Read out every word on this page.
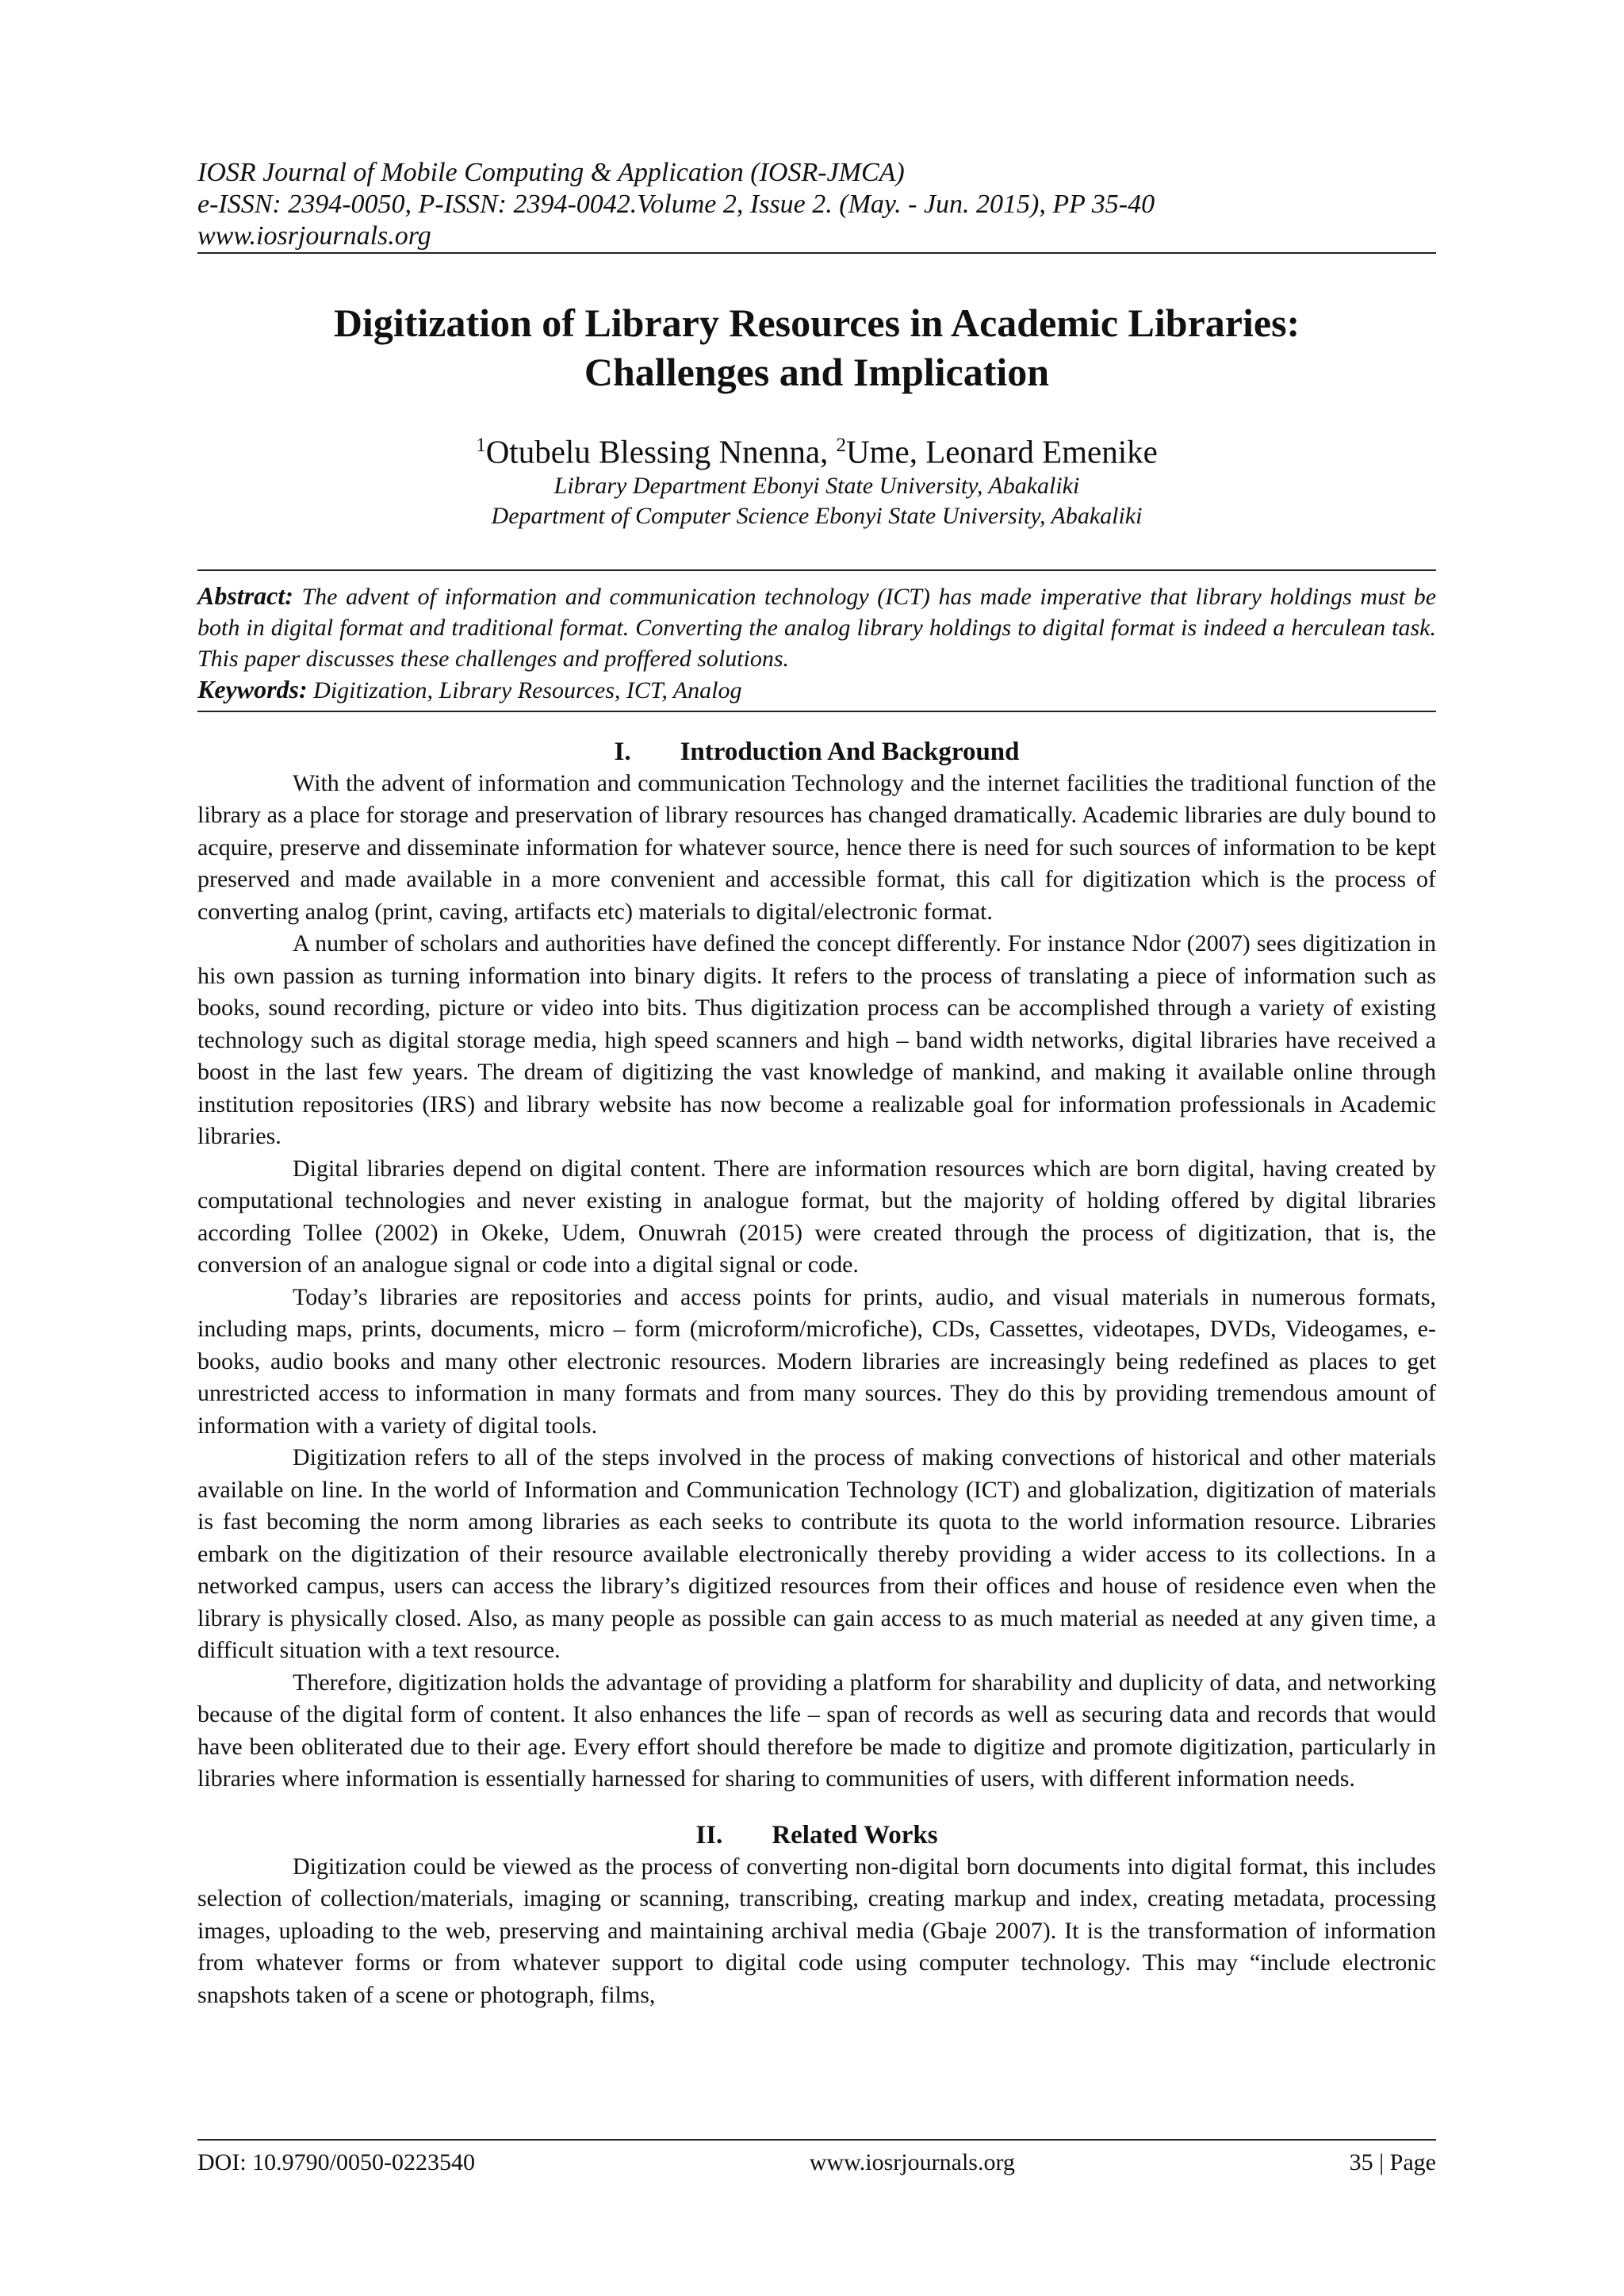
IOSR Journal of Mobile Computing & Application (IOSR-JMCA)
e-ISSN: 2394-0050, P-ISSN: 2394-0042.Volume 2, Issue 2. (May. - Jun. 2015), PP 35-40
www.iosrjournals.org
Digitization of Library Resources in Academic Libraries:
Challenges and Implication
$^1$Otubelu Blessing Nnenna, $^2$Ume, Leonard Emenike
Library Department Ebonyi State University, Abakaliki
Department of Computer Science Ebonyi State University, Abakaliki
Abstract: The advent of information and communication technology (ICT) has made imperative that library holdings must be both in digital format and traditional format. Converting the analog library holdings to digital format is indeed a herculean task. This paper discusses these challenges and proffered solutions.
Keywords: Digitization, Library Resources, ICT, Analog
I. Introduction And Background

With the advent of information and communication Technology and the internet facilities the traditional function of the library as a place for storage and preservation of library resources has changed dramatically. Academic libraries are duly bound to acquire, preserve and disseminate information for whatever source, hence there is need for such sources of information to be kept preserved and made available in a more convenient and accessible format, this call for digitization which is the process of converting analog (print, caving, artifacts etc) materials to digital/electronic format.

A number of scholars and authorities have defined the concept differently. For instance Ndor (2007) sees digitization in his own passion as turning information into binary digits. It refers to the process of translating a piece of information such as books, sound recording, picture or video into bits. Thus digitization process can be accomplished through a variety of existing technology such as digital storage media, high speed scanners and high – band width networks, digital libraries have received a boost in the last few years. The dream of digitizing the vast knowledge of mankind, and making it available online through institution repositories (IRS) and library website has now become a realizable goal for information professionals in Academic libraries.

Digital libraries depend on digital content. There are information resources which are born digital, having created by computational technologies and never existing in analogue format, but the majority of holding offered by digital libraries according Tollee (2002) in Okeke, Udem, Onuwrah (2015) were created through the process of digitization, that is, the conversion of an analogue signal or code into a digital signal or code.

Today’s libraries are repositories and access points for prints, audio, and visual materials in numerous formats, including maps, prints, documents, micro – form (microform/microfiche), CDs, Cassettes, videotapes, DVDs, Videogames, e-books, audio books and many other electronic resources. Modern libraries are increasingly being redefined as places to get unrestricted access to information in many formats and from many sources. They do this by providing tremendous amount of information with a variety of digital tools.

Digitization refers to all of the steps involved in the process of making convections of historical and other materials available on line. In the world of Information and Communication Technology (ICT) and globalization, digitization of materials is fast becoming the norm among libraries as each seeks to contribute its quota to the world information resource. Libraries embark on the digitization of their resource available electronically thereby providing a wider access to its collections. In a networked campus, users can access the library’s digitized resources from their offices and house of residence even when the library is physically closed. Also, as many people as possible can gain access to as much material as needed at any given time, a difficult situation with a text resource.

Therefore, digitization holds the advantage of providing a platform for sharability and duplicity of data, and networking because of the digital form of content. It also enhances the life – span of records as well as securing data and records that would have been obliterated due to their age. Every effort should therefore be made to digitize and promote digitization, particularly in libraries where information is essentially harnessed for sharing to communities of users, with different information needs.

II. Related Works

Digitization could be viewed as the process of converting non-digital born documents into digital format, this includes selection of collection/materials, imaging or scanning, transcribing, creating markup and index, creating metadata, processing images, uploading to the web, preserving and maintaining archival media (Gbaje 2007). It is the transformation of information from whatever forms or from whatever support to digital code using computer technology. This may “include electronic snapshots taken of a scene or photograph, films,

DOI: 10.9790/0050-0223540	www.iosrjournals.org	35 | Page
